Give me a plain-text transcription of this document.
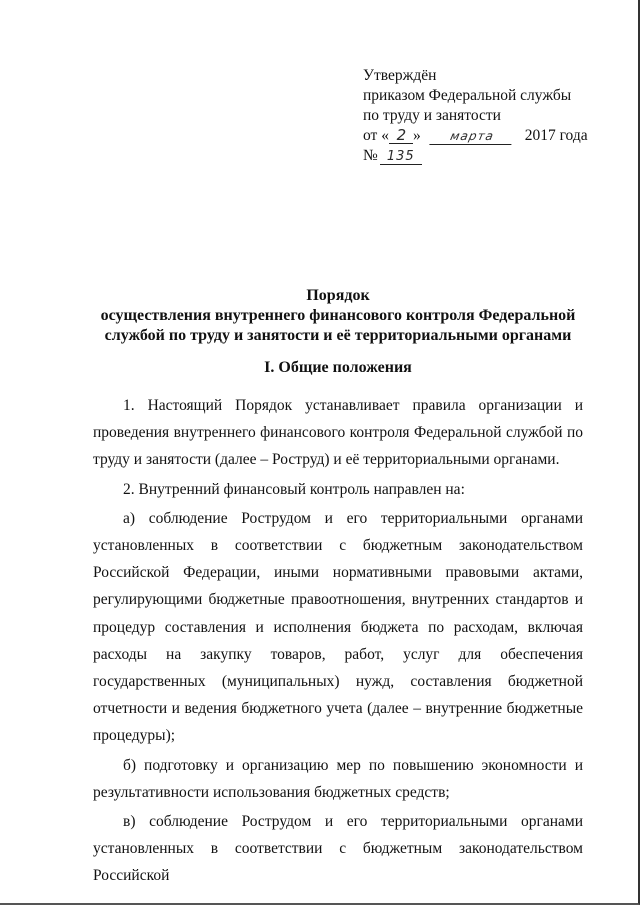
Утверждён
приказом Федеральной службы
по труду и занятости
от « 2 » марта 2017 года
№ 135
Порядок
осуществления внутреннего финансового контроля Федеральной
службой по труду и занятости и её территориальными органами
I. Общие положения

1. Настоящий Порядок устанавливает правила организации и проведения внутреннего финансового контроля Федеральной службой по труду и занятости (далее – Роструд) и её территориальными органами.

2. Внутренний финансовый контроль направлен на:

а) соблюдение Рострудом и его территориальными органами установленных в соответствии с бюджетным законодательством Российской Федерации, иными нормативными правовыми актами, регулирующими бюджетные правоотношения, внутренних стандартов и процедур составления и исполнения бюджета по расходам, включая расходы на закупку товаров, работ, услуг для обеспечения государственных (муниципальных) нужд, составления бюджетной отчетности и ведения бюджетного учета (далее – внутренние бюджетные процедуры);

б) подготовку и организацию мер по повышению экономности и результативности использования бюджетных средств;

в) соблюдение Рострудом и его территориальными органами установленных в соответствии с бюджетным законодательством Российской
